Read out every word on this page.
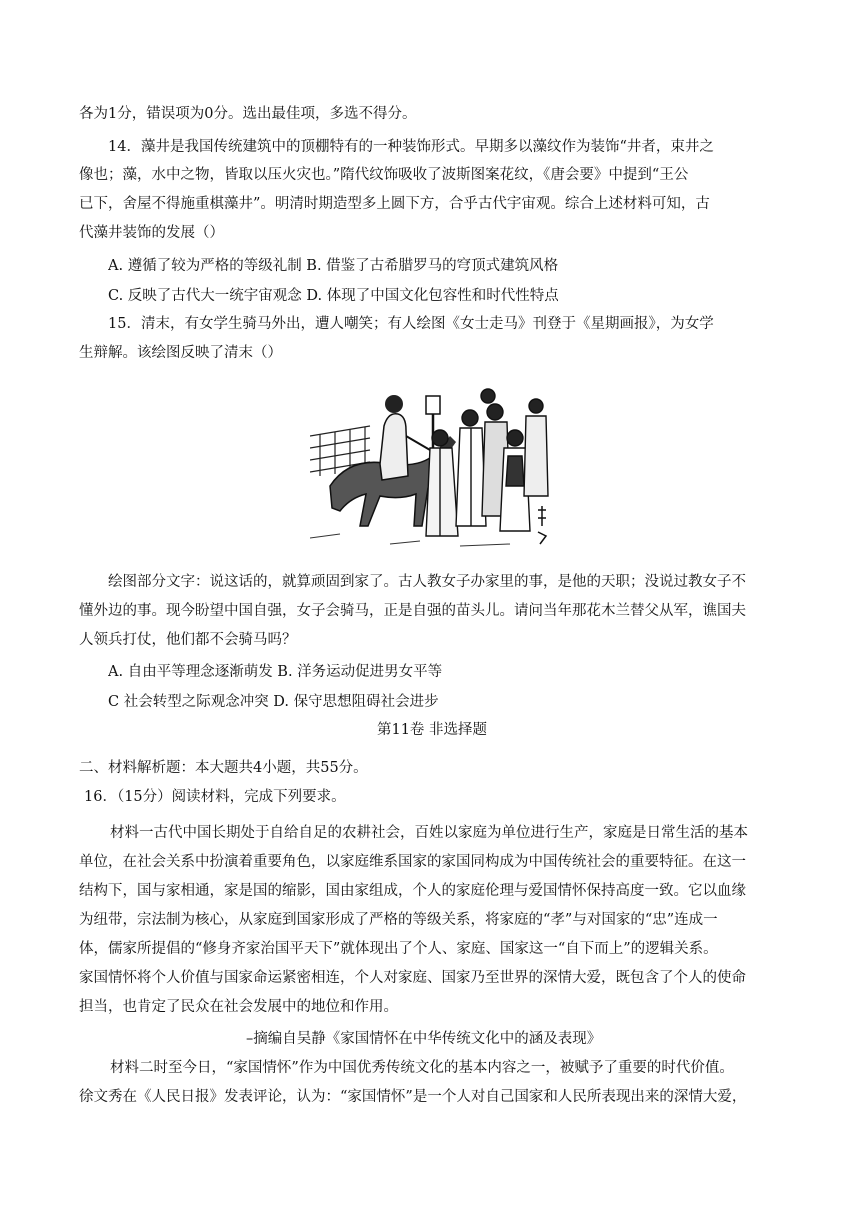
各为1分，错误项为0分。选出最佳项，多选不得分。
14．藻井是我国传统建筑中的顶棚特有的一种装饰形式。早期多以藻纹作为装饰“井者，束井之
像也；藻，水中之物，皆取以压火灾也。”隋代纹饰吸收了波斯图案花纹，《唐会要》中提到“王公
已下，舍屋不得施重棋藻井”。明清时期造型多上圆下方，合乎古代宇宙观。综合上述材料可知，古
代藻井装饰的发展（）
A. 遵循了较为严格的等级礼制 B. 借鉴了古希腊罗马的穹顶式建筑风格
C. 反映了古代大一统宇宙观念 D. 体现了中国文化包容性和时代性特点
15．清末，有女学生骑马外出，遭人嘲笑；有人绘图《女士走马》刊登于《星期画报》，为女学
生辩解。该绘图反映了清末（）
绘图部分文字：说这话的，就算顽固到家了。古人教女子办家里的事，是他的天职；没说过教女子不
懂外边的事。现今盼望中国自强，女子会骑马，正是自强的苗头儿。请问当年那花木兰替父从军，谯国夫
人领兵打仗，他们都不会骑马吗？
A. 自由平等理念逐渐萌发 B. 洋务运动促进男女平等
C 社会转型之际观念冲突 D. 保守思想阻碍社会进步
第11卷 非选择题
二、材料解析题：本大题共4小题，共55分。
16．（15分）阅读材料，完成下列要求。
材料一古代中国长期处于自给自足的农耕社会，百姓以家庭为单位进行生产，家庭是日常生活的基本
单位，在社会关系中扮演着重要角色，以家庭维系国家的家国同构成为中国传统社会的重要特征。在这一
结构下，国与家相通，家是国的缩影，国由家组成，个人的家庭伦理与爱国情怀保持高度一致。它以血缘
为纽带，宗法制为核心，从家庭到国家形成了严格的等级关系，将家庭的“孝”与对国家的“忠”连成一
体，儒家所提倡的“修身齐家治国平天下”就体现出了个人、家庭、国家这一“自下而上”的逻辑关系。
家国情怀将个人价值与国家命运紧密相连，个人对家庭、国家乃至世界的深情大爱，既包含了个人的使命
担当，也肯定了民众在社会发展中的地位和作用。
–摘编自吴静《家国情怀在中华传统文化中的涵及表现》
材料二时至今日，“家国情怀”作为中国优秀传统文化的基本内容之一，被赋予了重要的时代价值。
徐文秀在《人民日报》发表评论，认为：“家国情怀”是一个人对自己国家和人民所表现出来的深情大爱，
